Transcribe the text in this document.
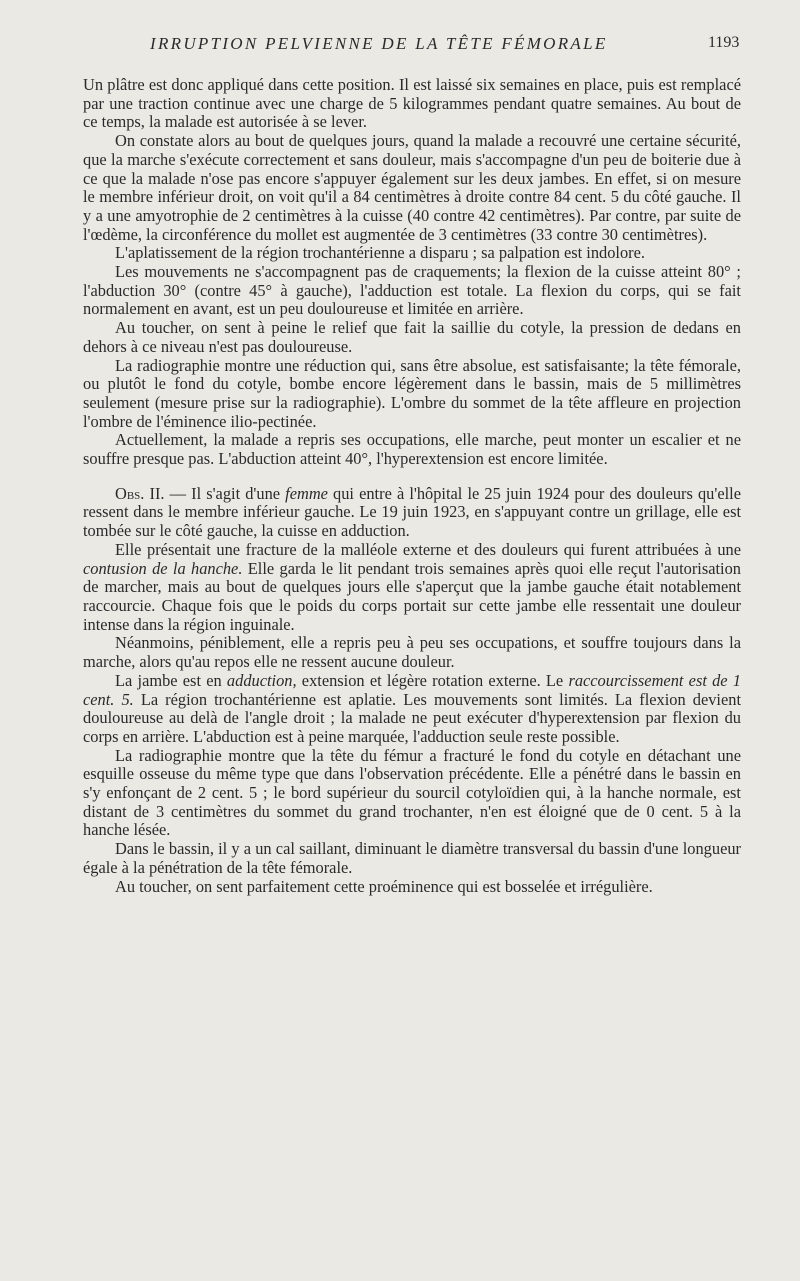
IRRUPTION PELVIENNE DE LA TÊTE FÉMORALE	1193

Un plâtre est donc appliqué dans cette position. Il est laissé six semaines en place, puis est remplacé par une traction continue avec une charge de 5 kilogrammes pendant quatre semaines. Au bout de ce temps, la malade est autorisée à se lever.

On constate alors au bout de quelques jours, quand la malade a recouvré une certaine sécurité, que la marche s'exécute correctement et sans douleur, mais s'accompagne d'un peu de boiterie due à ce que la malade n'ose pas encore s'appuyer également sur les deux jambes. En effet, si on mesure le membre inférieur droit, on voit qu'il a 84 centimètres à droite contre 84 cent. 5 du côté gauche. Il y a une amyotrophie de 2 centimètres à la cuisse (40 contre 42 centimètres). Par contre, par suite de l'œdème, la circonférence du mollet est augmentée de 3 centimètres (33 contre 30 centimètres).

L'aplatissement de la région trochantérienne a disparu ; sa palpation est indolore.

Les mouvements ne s'accompagnent pas de craquements; la flexion de la cuisse atteint 80° ; l'abduction 30° (contre 45° à gauche), l'adduction est totale. La flexion du corps, qui se fait normalement en avant, est un peu douloureuse et limitée en arrière.

Au toucher, on sent à peine le relief que fait la saillie du cotyle, la pression de dedans en dehors à ce niveau n'est pas douloureuse.

La radiographie montre une réduction qui, sans être absolue, est satisfaisante; la tête fémorale, ou plutôt le fond du cotyle, bombe encore légèrement dans le bassin, mais de 5 millimètres seulement (mesure prise sur la radiographie). L'ombre du sommet de la tête affleure en projection l'ombre de l'éminence ilio-pectinée.

Actuellement, la malade a repris ses occupations, elle marche, peut monter un escalier et ne souffre presque pas. L'abduction atteint 40°, l'hyperextension est encore limitée.

Obs. II. — Il s'agit d'une femme qui entre à l'hôpital le 25 juin 1924 pour des douleurs qu'elle ressent dans le membre inférieur gauche. Le 19 juin 1923, en s'appuyant contre un grillage, elle est tombée sur le côté gauche, la cuisse en adduction.

Elle présentait une fracture de la malléole externe et des douleurs qui furent attribuées à une contusion de la hanche. Elle garda le lit pendant trois semaines après quoi elle reçut l'autorisation de marcher, mais au bout de quelques jours elle s'aperçut que la jambe gauche était notablement raccourcie. Chaque fois que le poids du corps portait sur cette jambe elle ressentait une douleur intense dans la région inguinale.

Néanmoins, péniblement, elle a repris peu à peu ses occupations, et souffre toujours dans la marche, alors qu'au repos elle ne ressent aucune douleur.

La jambe est en adduction, extension et légère rotation externe. Le raccourcissement est de 1 cent. 5. La région trochantérienne est aplatie. Les mouvements sont limités. La flexion devient douloureuse au delà de l'angle droit ; la malade ne peut exécuter d'hyperextension par flexion du corps en arrière. L'abduction est à peine marquée, l'adduction seule reste possible.

La radiographie montre que la tête du fémur a fracturé le fond du cotyle en détachant une esquille osseuse du même type que dans l'observation précédente. Elle a pénétré dans le bassin en s'y enfonçant de 2 cent. 5 ; le bord supérieur du sourcil cotyloïdien qui, à la hanche normale, est distant de 3 centimètres du sommet du grand trochanter, n'en est éloigné que de 0 cent. 5 à la hanche lésée.

Dans le bassin, il y a un cal saillant, diminuant le diamètre transversal du bassin d'une longueur égale à la pénétration de la tête fémorale.

Au toucher, on sent parfaitement cette proéminence qui est bosselée et irrégulière.
